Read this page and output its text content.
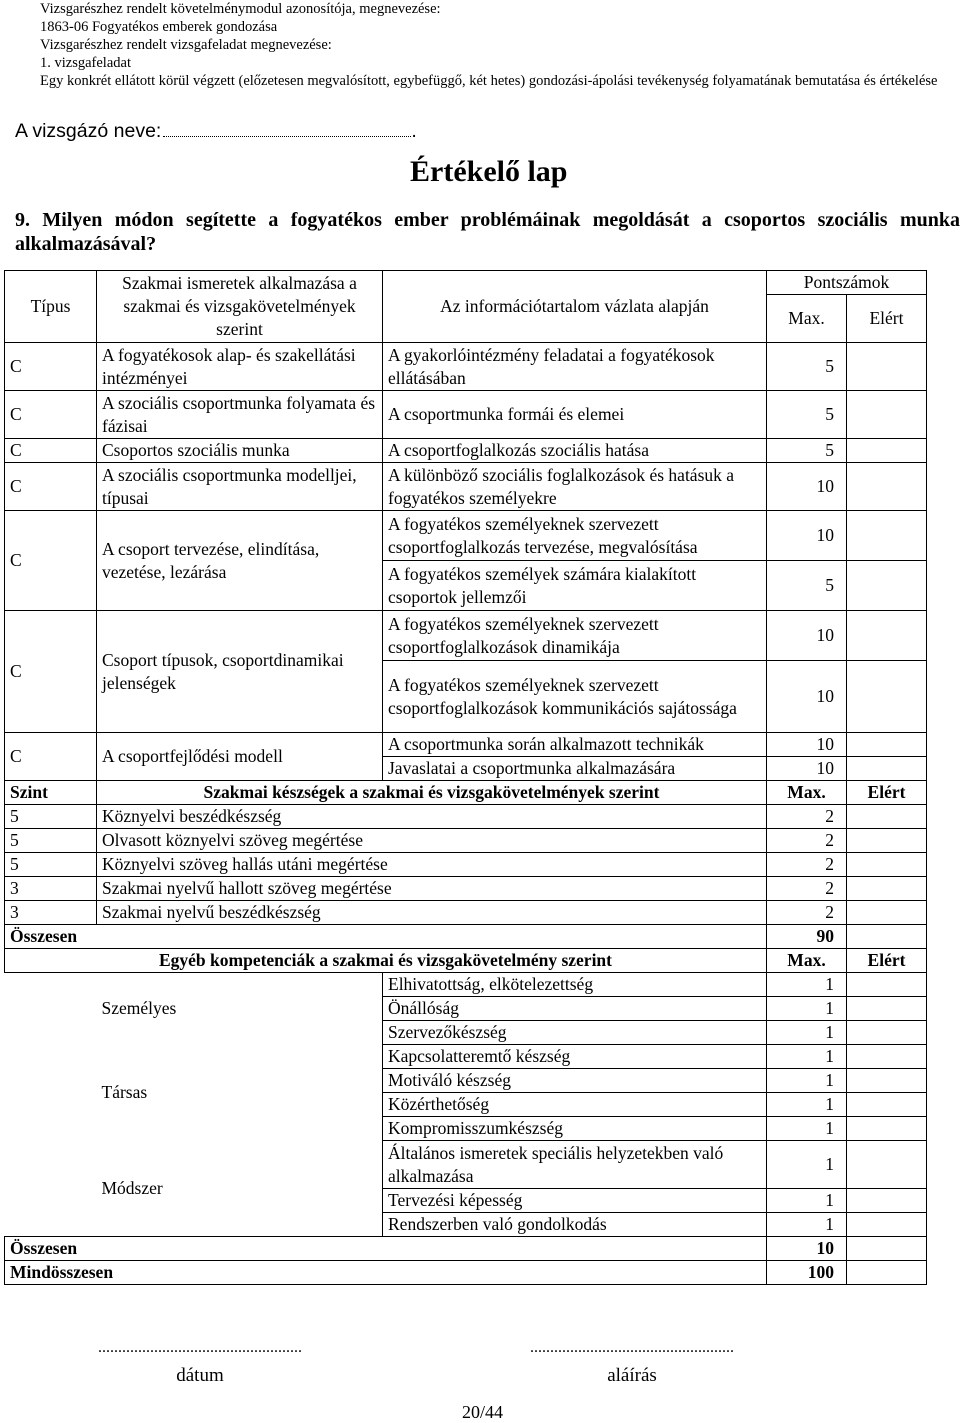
Vizsgarészhez rendelt követelménymodul azonosítója, megnevezése:
1863-06 Fogyatékos emberek gondozása
Vizsgarészhez rendelt vizsgafeladat megnevezése:
1. vizsgafeladat
Egy konkrét ellátott körül végzett (előzetesen megvalósított, egybefüggő, két hetes) gondozási-ápolási tevékenység folyamatának bemutatása és értékelése
A vizsgázó neve:	.
Értékelő lap
9. Milyen módon segítette a fogyatékos ember problémáinak megoldását a csoportos szociális munka alkalmazásával?
Típus	Szakmai ismeretek alkalmazása a szakmai és vizsgakövetelmények szerint	Az információtartalom vázlata alapján	Pontszámok	
			Max.	Elért
C	A fogyatékosok alap- és szakellátási intézményei	A gyakorlóintézmény feladatai a fogyatékosok ellátásában	5	
C	A szociális csoportmunka folyamata és fázisai	A csoportmunka formái és elemei	5	
C	Csoportos szociális munka	A csoportfoglalkozás szociális hatása	5	
C	A szociális csoportmunka modelljei, típusai	A különböző szociális foglalkozások és hatásuk a fogyatékos személyekre	10	
C	A csoport tervezése, elindítása, vezetése, lezárása	A fogyatékos személyeknek szervezett csoportfoglalkozás tervezése, megvalósítása	10	
		A fogyatékos személyek számára kialakított csoportok jellemzői	5	
C	Csoport típusok, csoportdinamikai jelenségek	A fogyatékos személyeknek szervezett csoportfoglalkozások dinamikája	10	
		A fogyatékos személyeknek szervezett csoportfoglalkozások kommunikációs sajátossága	10	
C	A csoportfejlődési modell	A csoportmunka során alkalmazott technikák	10	
		Javaslatai a csoportmunka alkalmazására	10	
Szint	Szakmai készségek a szakmai és vizsgakövetelmények szerint		Max.	Elért
5	Köznyelvi beszédkészség		2	
5	Olvasott köznyelvi szöveg megértése		2	
5	Köznyelvi szöveg hallás utáni megértése		2	
3	Szakmai nyelvű hallott szöveg megértése		2	
3	Szakmai nyelvű beszédkészség		2	
Összesen			90	
Egyéb kompetenciák a szakmai és vizsgakövetelmény szerint			Max.	Elért
	Személyes	Elhivatottság, elkötelezettség	1	
		Önállóság	1	
		Szervezőkészség	1	
	Társas	Kapcsolatteremtő készség	1	
		Motiváló készség	1	
		Közérthetőség	1	
		Kompromisszumkészség	1	
	Módszer	Általános ismeretek speciális helyzetekben való alkalmazása	1	
		Tervezési képesség	1	
		Rendszerben való gondolkodás	1	
Összesen			10	
Mindösszesen			100	
...................................................
dátum
...................................................
aláírás
20/44
